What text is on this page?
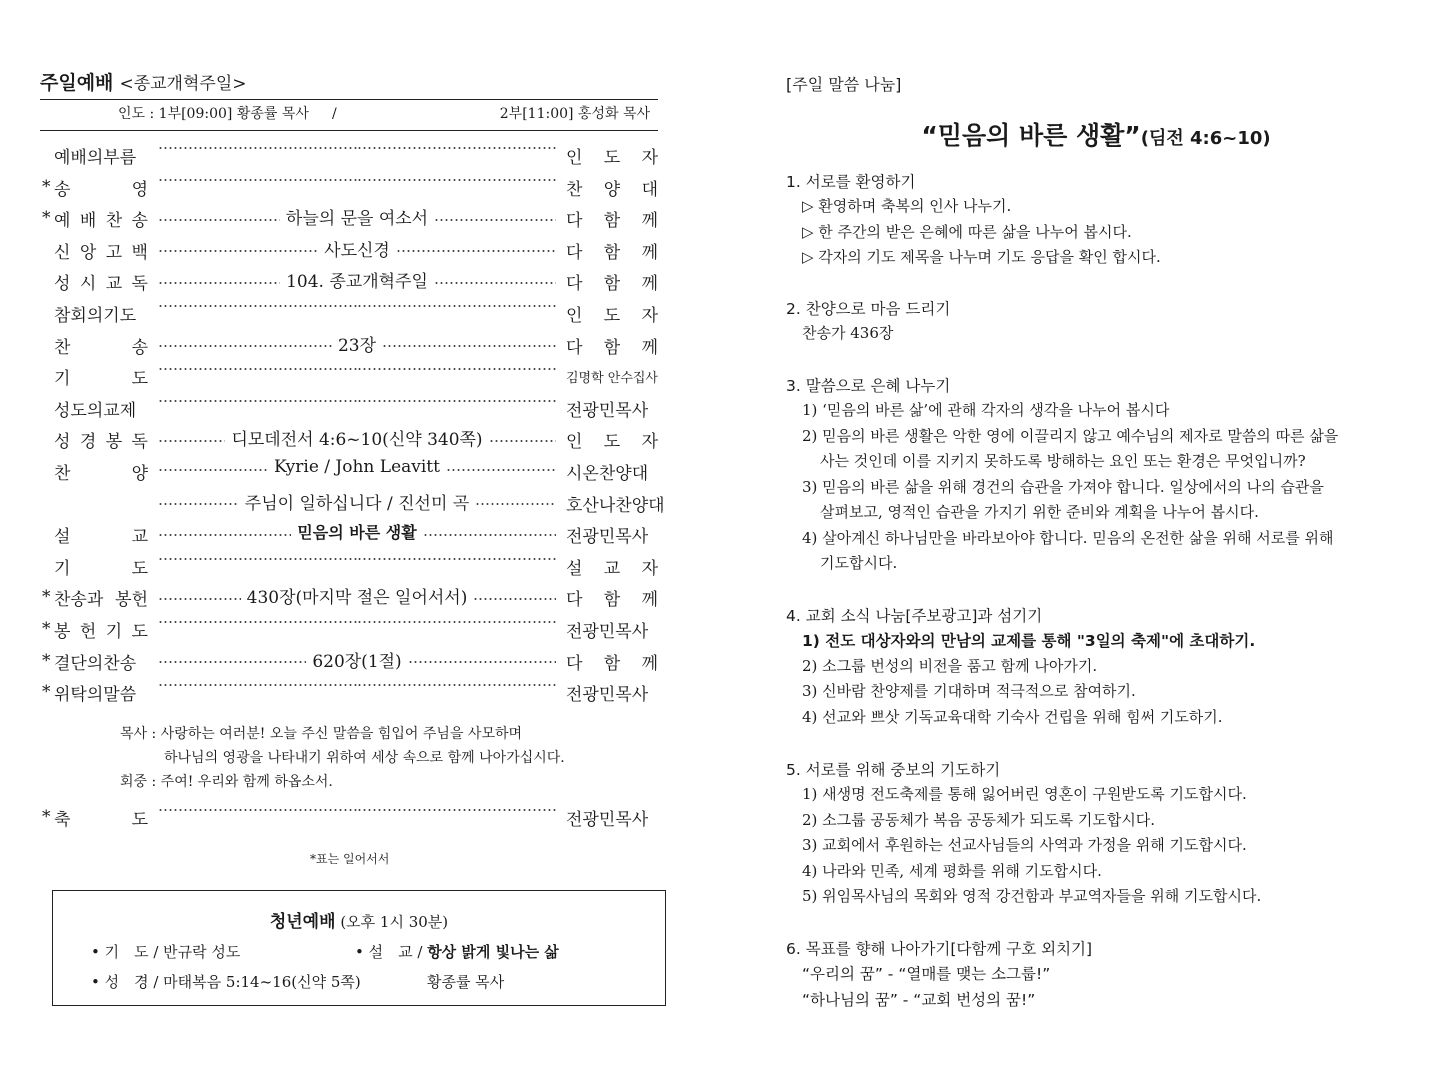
주일예배 <종교개혁주일>
인도 : 1부[09:00] 황종률 목사 /	2부[11:00] 홍성화 목사
예배의부름	인 도 자
* 송	영	찬 양 대
* 예 배 찬 송	하늘의 문을 여소서	다 함 께
신 앙 고 백	사도신경	다 함 께
성 시 교 독	104. 종교개혁주일	다 함 께
참회의기도	인 도 자
찬	송	23장	다 함 께
기	도	김명학 안수집사
성도의교제	전광민목사
성 경 봉 독	디모데전서 4:6~10(신약 340쪽)	인 도 자
찬	양	Kyrie / John Leavitt	시온찬양대
주님이 일하십니다 / 진선미 곡	호산나찬양대
설	교	믿음의 바른 생활	전광민목사
기	도	설 교 자
* 찬송과 봉헌	430장(마지막 절은 일어서서)	다 함 께
* 봉 헌 기 도	전광민목사
* 결단의찬송	620장(1절)	다 함 께
* 위탁의말씀	전광민목사
목사 : 사랑하는 여러분! 오늘 주신 말씀을 힘입어 주님을 사모하며
하나님의 영광을 나타내기 위하여 세상 속으로 함께 나아가십시다.
회중 : 주여! 우리와 함께 하옵소서.
* 축	도	전광민목사
*표는 일어서서
청년예배 (오후 1시 30분)
• 기　도 / 반규락 성도
• 성　경 / 마태복음 5:14~16(신약 5쪽)
• 설　교 / 항상 밝게 빛나는 삶
황종률 목사
[주일 말씀 나눔]
“믿음의 바른 생활”(딤전 4:6~10)
1. 서로를 환영하기
▷ 환영하며 축복의 인사 나누기.
▷ 한 주간의 받은 은혜에 따른 삶을 나누어 봅시다.
▷ 각자의 기도 제목을 나누며 기도 응답을 확인 합시다.
2. 찬양으로 마음 드리기
찬송가 436장
3. 말씀으로 은혜 나누기
1) ‘믿음의 바른 삶’에 관해 각자의 생각을 나누어 봅시다
2) 믿음의 바른 생활은 악한 영에 이끌리지 않고 예수님의 제자로 말씀의 따른 삶을
사는 것인데 이를 지키지 못하도록 방해하는 요인 또는 환경은 무엇입니까?
3) 믿음의 바른 삶을 위해 경건의 습관을 가져야 합니다. 일상에서의 나의 습관을
살펴보고, 영적인 습관을 가지기 위한 준비와 계획을 나누어 봅시다.
4) 살아계신 하나님만을 바라보아야 합니다. 믿음의 온전한 삶을 위해 서로를 위해
기도합시다.
4. 교회 소식 나눔[주보광고]과 섬기기
1) 전도 대상자와의 만남의 교제를 통해 "3일의 축제"에 초대하기.
2) 소그룹 번성의 비전을 품고 함께 나아가기.
3) 신바람 찬양제를 기대하며 적극적으로 참여하기.
4) 선교와 쁘삿 기독교육대학 기숙사 건립을 위해 힘써 기도하기.
5. 서로를 위해 중보의 기도하기
1) 새생명 전도축제를 통해 잃어버린 영혼이 구원받도록 기도합시다.
2) 소그룹 공동체가 복음 공동체가 되도록 기도합시다.
3) 교회에서 후원하는 선교사님들의 사역과 가정을 위해 기도합시다.
4) 나라와 민족, 세계 평화를 위해 기도합시다.
5) 위임목사님의 목회와 영적 강건함과 부교역자들을 위해 기도합시다.
6. 목표를 향해 나아가기[다함께 구호 외치기]
“우리의 꿈” - “열매를 맺는 소그룹!”
“하나님의 꿈” - “교회 번성의 꿈!”
